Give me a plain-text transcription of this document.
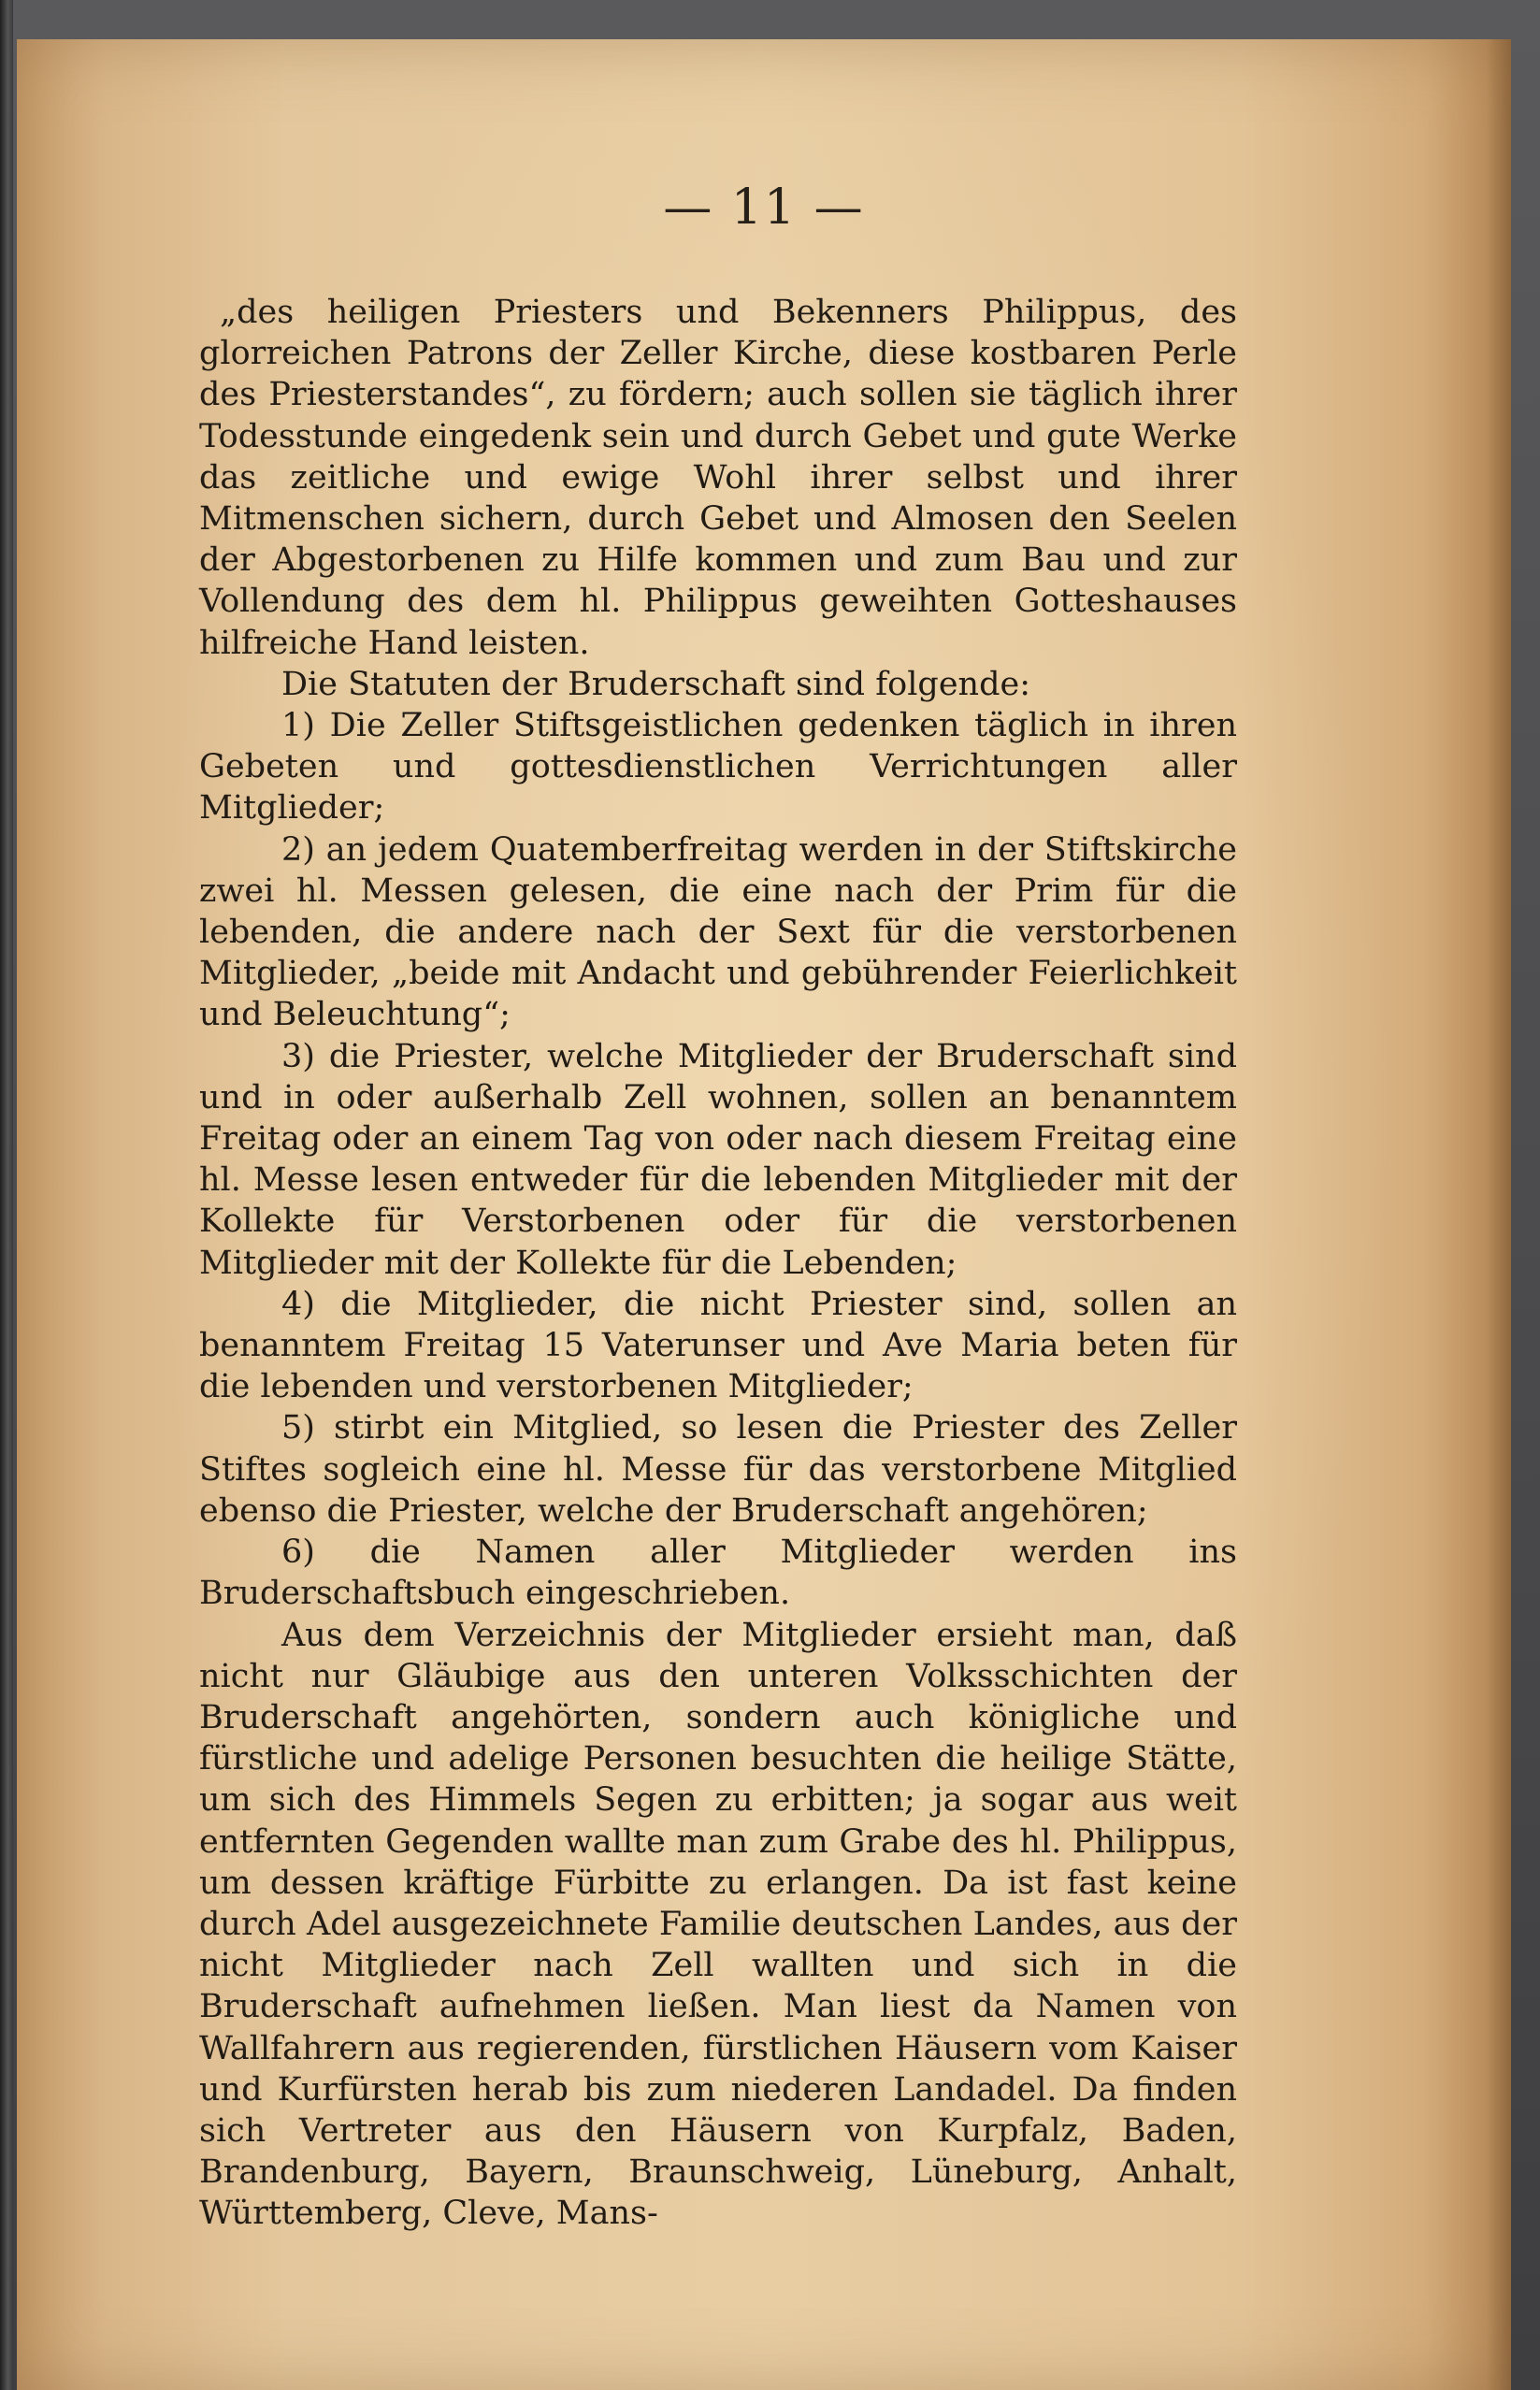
— 11 —

„des heiligen Priesters und Bekenners Philippus, des glorreichen Patrons der Zeller Kirche, diese kostbaren Perle des Priesterstandes“, zu fördern; auch sollen sie täglich ihrer Todesstunde eingedenk sein und durch Gebet und gute Werke das zeitliche und ewige Wohl ihrer selbst und ihrer Mitmenschen sichern, durch Gebet und Almosen den Seelen der Abgestorbenen zu Hilfe kommen und zum Bau und zur Vollendung des dem hl. Philippus geweihten Gotteshauses hilfreiche Hand leisten.

Die Statuten der Bruderschaft sind folgende:

1) Die Zeller Stiftsgeistlichen gedenken täglich in ihren Gebeten und gottesdienstlichen Verrichtungen aller Mitglieder;

2) an jedem Quatemberfreitag werden in der Stiftskirche zwei hl. Messen gelesen, die eine nach der Prim für die lebenden, die andere nach der Sext für die verstorbenen Mitglieder, „beide mit Andacht und gebührender Feierlichkeit und Beleuchtung“;

3) die Priester, welche Mitglieder der Bruderschaft sind und in oder außerhalb Zell wohnen, sollen an benanntem Freitag oder an einem Tag von oder nach diesem Freitag eine hl. Messe lesen entweder für die lebenden Mitglieder mit der Kollekte für Verstorbenen oder für die verstorbenen Mitglieder mit der Kollekte für die Lebenden;

4) die Mitglieder, die nicht Priester sind, sollen an benanntem Freitag 15 Vaterunser und Ave Maria beten für die lebenden und verstorbenen Mitglieder;

5) stirbt ein Mitglied, so lesen die Priester des Zeller Stiftes sogleich eine hl. Messe für das verstorbene Mitglied ebenso die Priester, welche der Bruderschaft angehören;

6) die Namen aller Mitglieder werden ins Bruderschaftsbuch eingeschrieben.

Aus dem Verzeichnis der Mitglieder ersieht man, daß nicht nur Gläubige aus den unteren Volksschichten der Bruderschaft angehörten, sondern auch königliche und fürstliche und adelige Personen besuchten die heilige Stätte, um sich des Himmels Segen zu erbitten; ja sogar aus weit entfernten Gegenden wallte man zum Grabe des hl. Philippus, um dessen kräftige Fürbitte zu erlangen. Da ist fast keine durch Adel ausgezeichnete Familie deutschen Landes, aus der nicht Mitglieder nach Zell wallten und sich in die Bruderschaft aufnehmen ließen. Man liest da Namen von Wallfahrern aus regierenden, fürstlichen Häusern vom Kaiser und Kurfürsten herab bis zum niederen Landadel. Da finden sich Vertreter aus den Häusern von Kurpfalz, Baden, Brandenburg, Bayern, Braunschweig, Lüneburg, Anhalt, Württemberg, Cleve, Mans-
